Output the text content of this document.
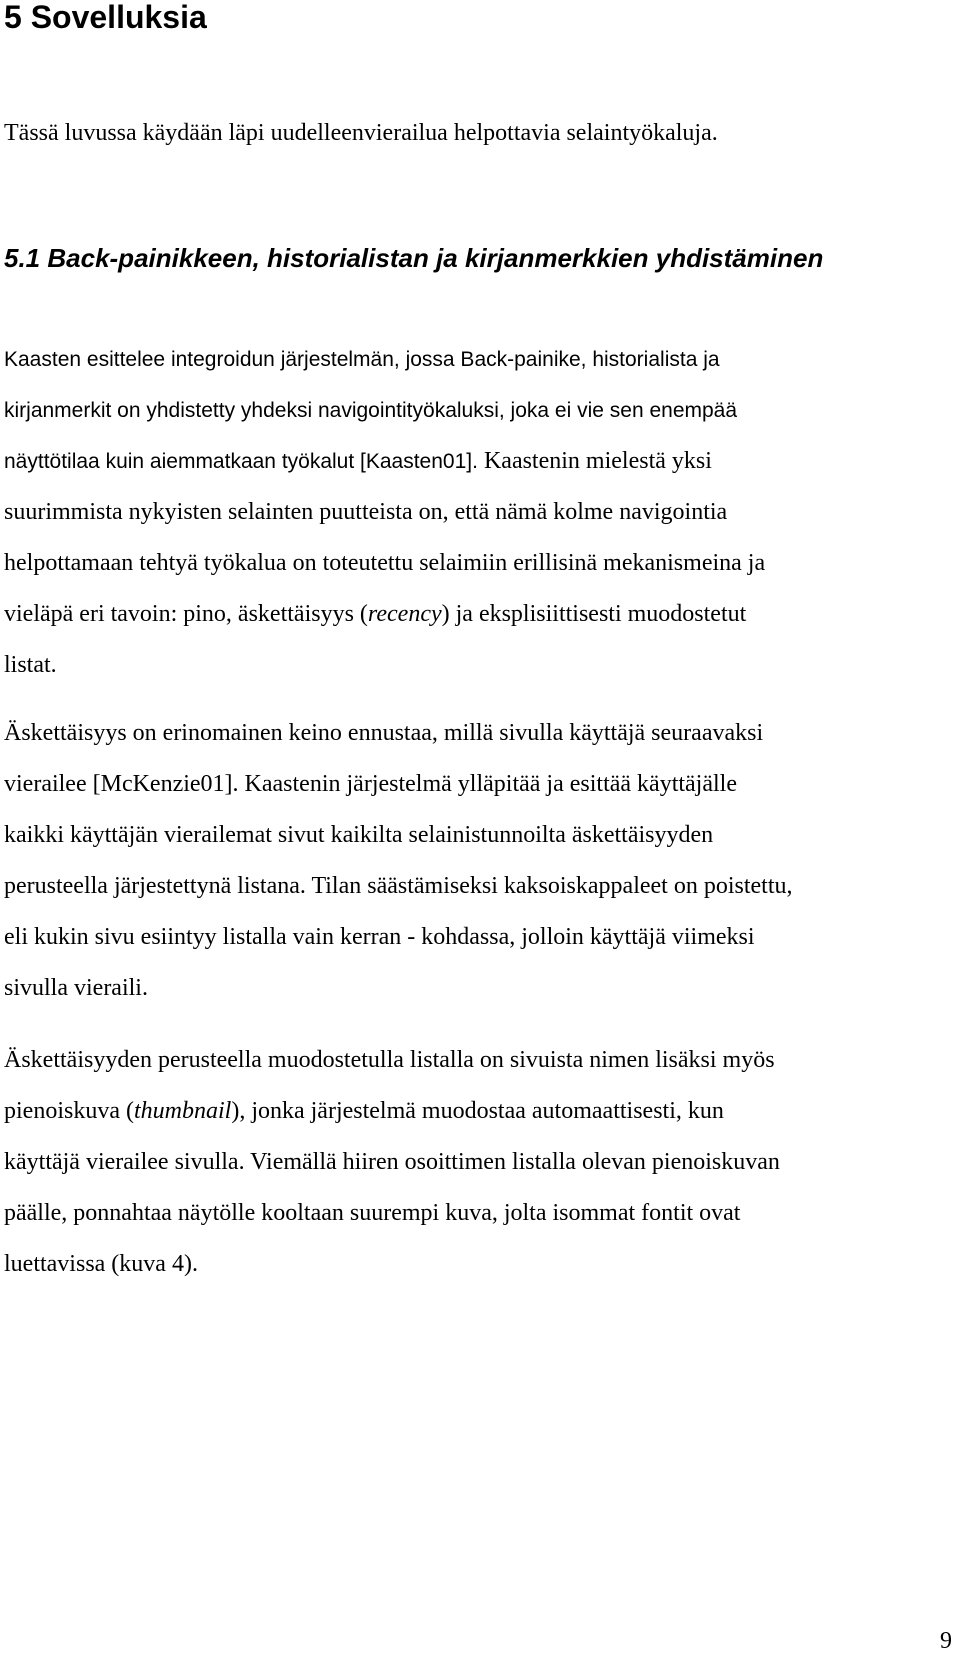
5 Sovelluksia

Tässä luvussa käydään läpi uudelleenvierailua helpottavia selaintyökaluja.

5.1 Back-painikkeen, historialistan ja kirjanmerkkien yhdistäminen
Kaasten esittelee integroidun järjestelmän, jossa Back-painike, historialista ja
kirjanmerkit on yhdistetty yhdeksi navigointityökaluksi, joka ei vie sen enempää
näyttötilaa kuin aiemmatkaan työkalut [Kaasten01]. Kaastenin mielestä yksi
suurimmista nykyisten selainten puutteista on, että nämä kolme navigointia
helpottamaan tehtyä työkalua on toteutettu selaimiin erillisinä mekanismeina ja
vieläpä eri tavoin: pino, äskettäisyys (recency) ja eksplisiittisesti muodostetut
listat.
Äskettäisyys on erinomainen keino ennustaa, millä sivulla käyttäjä seuraavaksi
vierailee [McKenzie01]. Kaastenin järjestelmä ylläpitää ja esittää käyttäjälle
kaikki käyttäjän vierailemat sivut kaikilta selainistunnoilta äskettäisyyden
perusteella järjestettynä listana. Tilan säästämiseksi kaksoiskappaleet on poistettu,
eli kukin sivu esiintyy listalla vain kerran - kohdassa, jolloin käyttäjä viimeksi
sivulla vieraili.
Äskettäisyyden perusteella muodostetulla listalla on sivuista nimen lisäksi myös
pienoiskuva (thumbnail), jonka järjestelmä muodostaa automaattisesti, kun
käyttäjä vierailee sivulla. Viemällä hiiren osoittimen listalla olevan pienoiskuvan
päälle, ponnahtaa näytölle kooltaan suurempi kuva, jolta isommat fontit ovat
luettavissa (kuva 4).

9
